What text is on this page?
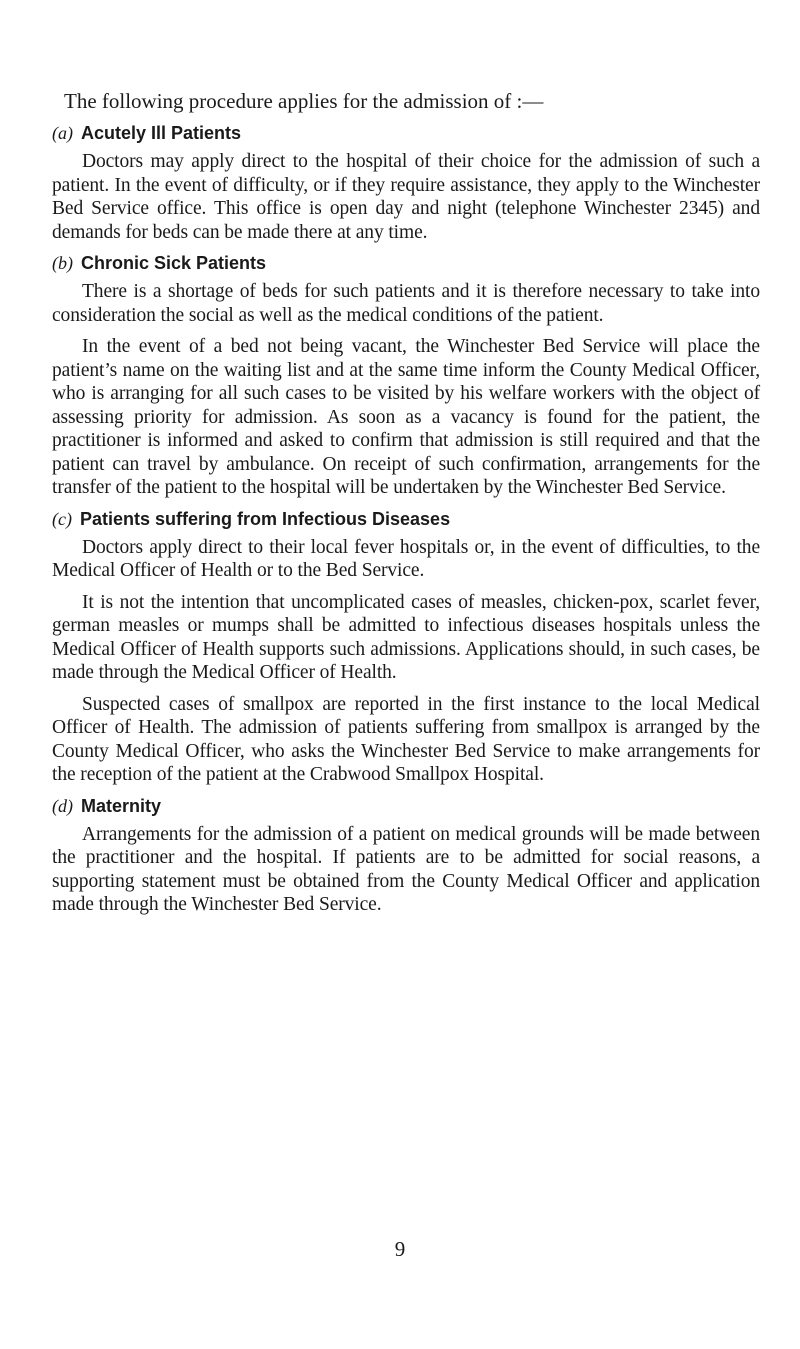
The following procedure applies for the admission of :—
(a) Acutely Ill Patients

Doctors may apply direct to the hospital of their choice for the admission of such a patient. In the event of difficulty, or if they require assistance, they apply to the Winchester Bed Service office. This office is open day and night (telephone Winchester 2345) and demands for beds can be made there at any time.

(b) Chronic Sick Patients

There is a shortage of beds for such patients and it is therefore necessary to take into consideration the social as well as the medical conditions of the patient.

In the event of a bed not being vacant, the Winchester Bed Service will place the patient’s name on the waiting list and at the same time inform the County Medical Officer, who is arranging for all such cases to be visited by his welfare workers with the object of assessing priority for admission. As soon as a vacancy is found for the patient, the practitioner is informed and asked to confirm that admission is still required and that the patient can travel by ambulance. On receipt of such confirmation, arrangements for the transfer of the patient to the hospital will be undertaken by the Winchester Bed Service.

(c) Patients suffering from Infectious Diseases

Doctors apply direct to their local fever hospitals or, in the event of difficulties, to the Medical Officer of Health or to the Bed Service.

It is not the intention that uncomplicated cases of measles, chicken-pox, scarlet fever, german measles or mumps shall be admitted to infectious diseases hospitals unless the Medical Officer of Health supports such admissions. Applications should, in such cases, be made through the Medical Officer of Health.

Suspected cases of smallpox are reported in the first instance to the local Medical Officer of Health. The admission of patients suffering from smallpox is arranged by the County Medical Officer, who asks the Winchester Bed Service to make arrangements for the reception of the patient at the Crabwood Smallpox Hospital.

(d) Maternity

Arrangements for the admission of a patient on medical grounds will be made between the practitioner and the hospital. If patients are to be admitted for social reasons, a supporting statement must be obtained from the County Medical Officer and application made through the Winchester Bed Service.

9
